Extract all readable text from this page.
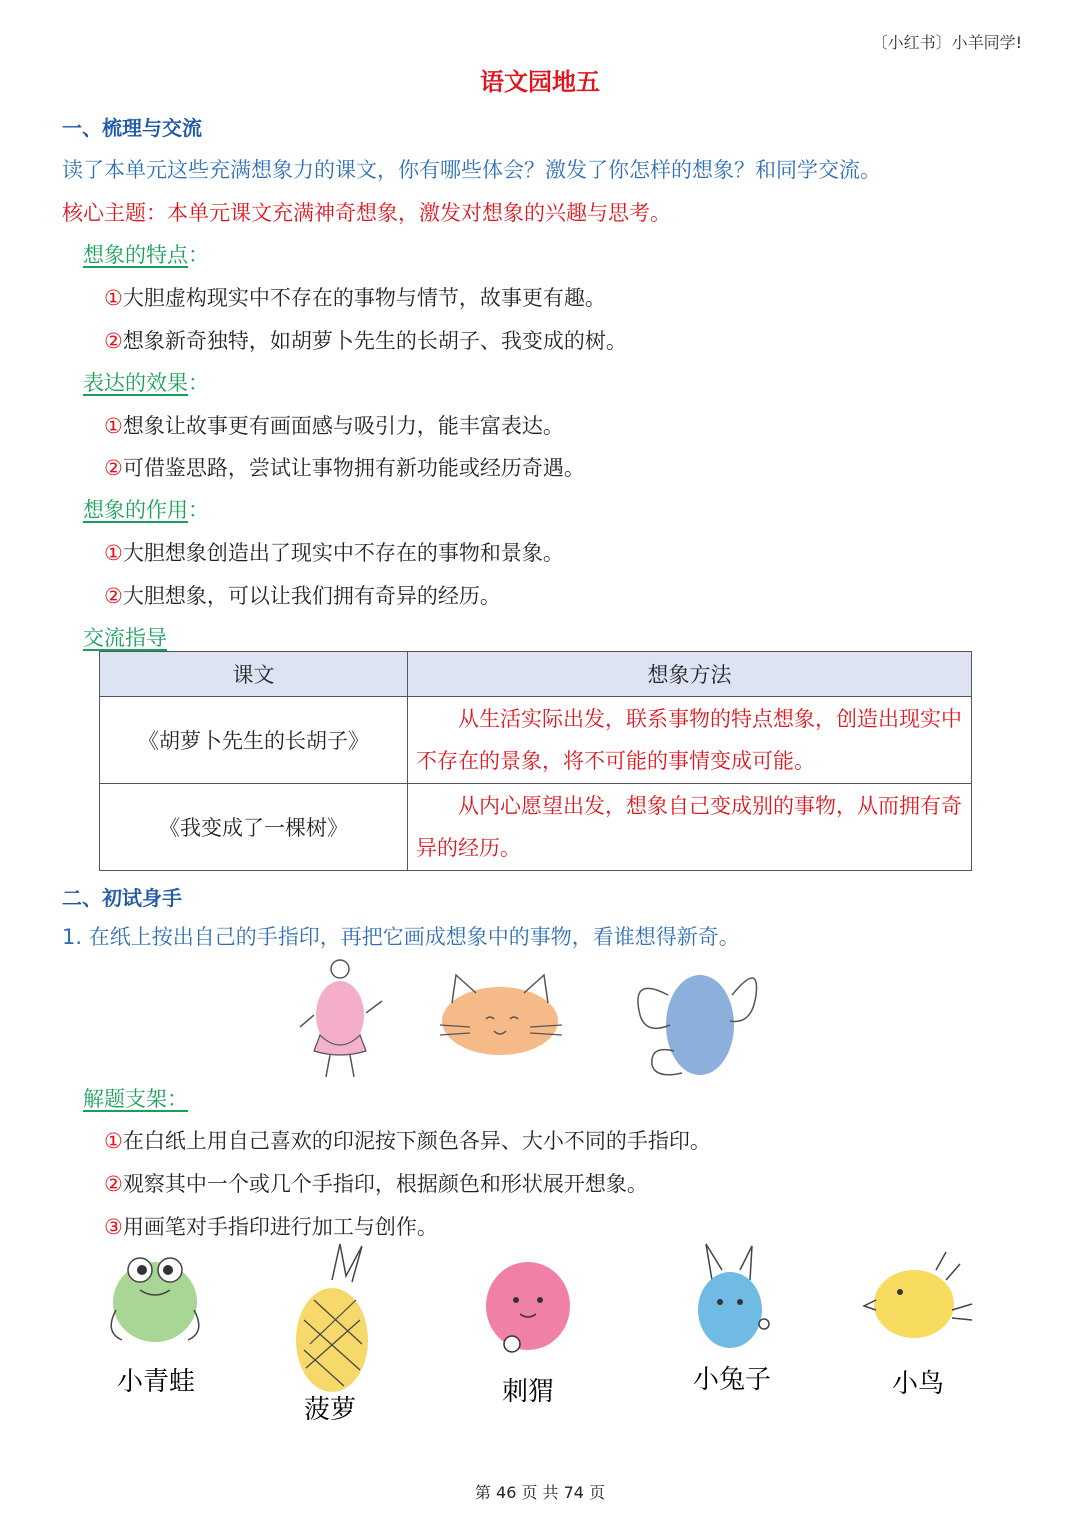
〔小红书〕小羊同学!
语文园地五
一、梳理与交流
读了本单元这些充满想象力的课文，你有哪些体会？激发了你怎样的想象？和同学交流。
核心主题：本单元课文充满神奇想象，激发对想象的兴趣与思考。
想象的特点：
①大胆虚构现实中不存在的事物与情节，故事更有趣。
②想象新奇独特，如胡萝卜先生的长胡子、我变成的树。
表达的效果：
①想象让故事更有画面感与吸引力，能丰富表达。
②可借鉴思路，尝试让事物拥有新功能或经历奇遇。
想象的作用：
①大胆想象创造出了现实中不存在的事物和景象。
②大胆想象，可以让我们拥有奇异的经历。
交流指导
课文	想象方法
《胡萝卜先生的长胡子》	从生活实际出发，联系事物的特点想象，创造出现实中不存在的景象，将不可能的事情变成可能。
《我变成了一棵树》	从内心愿望出发，想象自己变成别的事物，从而拥有奇异的经历。
二、初试身手
1. 在纸上按出自己的手指印，再把它画成想象中的事物，看谁想得新奇。
解题支架：
①在白纸上用自己喜欢的印泥按下颜色各异、大小不同的手指印。
②观察其中一个或几个手指印，根据颜色和形状展开想象。
③用画笔对手指印进行加工与创作。
小青蛙
菠萝
刺猬	小兔子	小鸟
第 46 页 共 74 页
